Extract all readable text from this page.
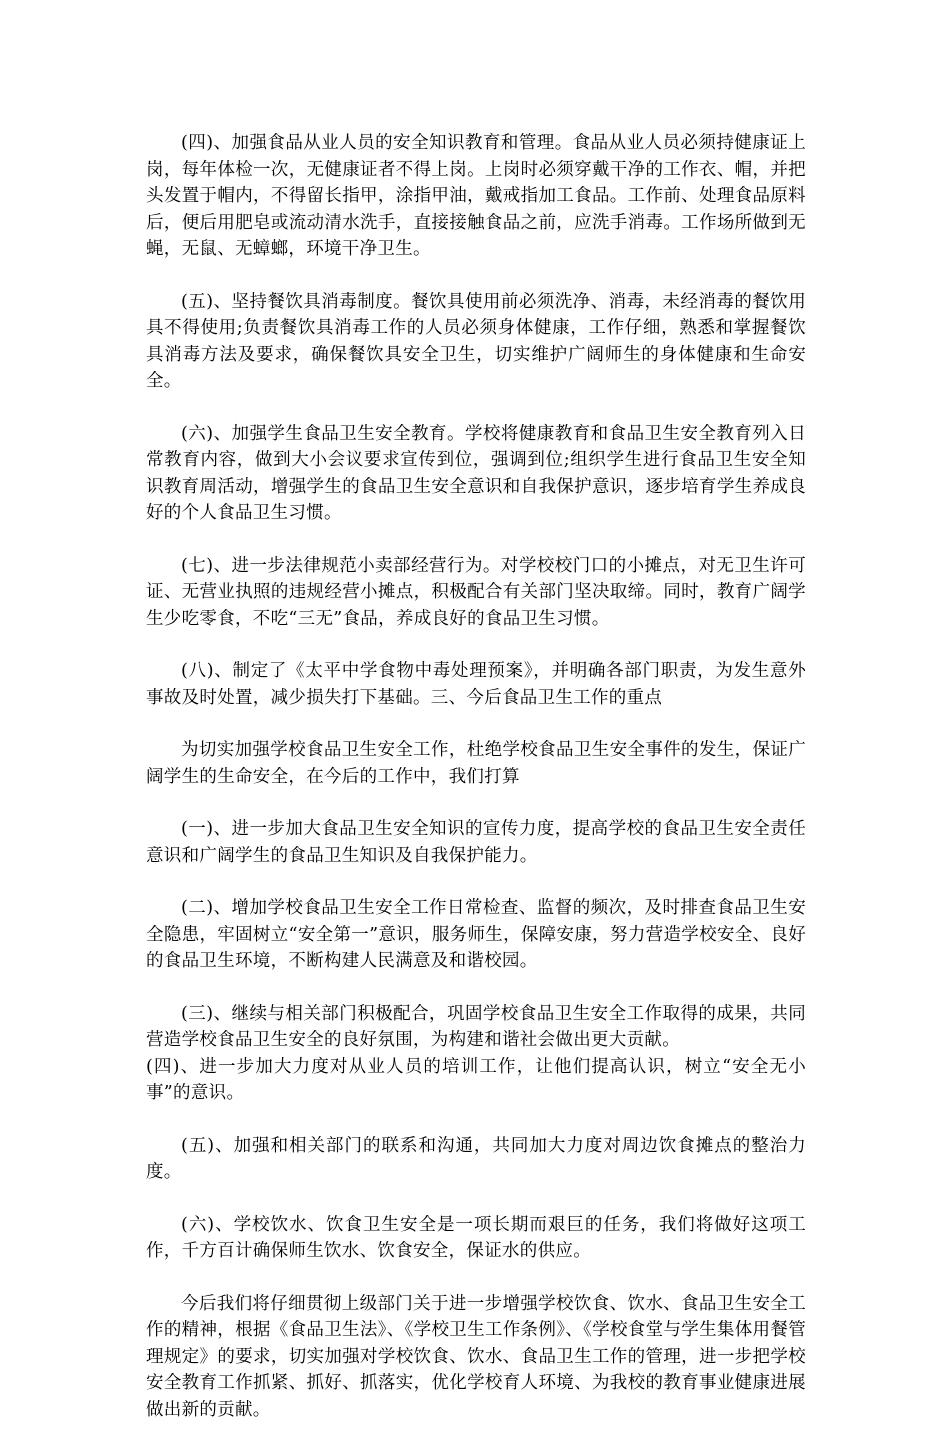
(四)、加强食品从业人员的安全知识教育和管理。食品从业人员必须持健康证上岗，每年体检一次，无健康证者不得上岗。上岗时必须穿戴干净的工作衣、帽，并把头发置于帽内，不得留长指甲，涂指甲油，戴戒指加工食品。工作前、处理食品原料后，便后用肥皂或流动清水洗手，直接接触食品之前，应洗手消毒。工作场所做到无蝇，无鼠、无蟑螂，环境干净卫生。

(五)、坚持餐饮具消毒制度。餐饮具使用前必须洗净、消毒，未经消毒的餐饮用具不得使用;负责餐饮具消毒工作的人员必须身体健康，工作仔细，熟悉和掌握餐饮具消毒方法及要求，确保餐饮具安全卫生，切实维护广阔师生的身体健康和生命安全。

(六)、加强学生食品卫生安全教育。学校将健康教育和食品卫生安全教育列入日常教育内容，做到大小会议要求宣传到位，强调到位;组织学生进行食品卫生安全知识教育周活动，增强学生的食品卫生安全意识和自我保护意识，逐步培育学生养成良好的个人食品卫生习惯。

(七)、进一步法律规范小卖部经营行为。对学校校门口的小摊点，对无卫生许可证、无营业执照的违规经营小摊点，积极配合有关部门坚决取缔。同时，教育广阔学生少吃零食，不吃“三无”食品，养成良好的食品卫生习惯。

(八)、制定了《太平中学食物中毒处理预案》，并明确各部门职责，为发生意外事故及时处置，减少损失打下基础。三、今后食品卫生工作的重点

为切实加强学校食品卫生安全工作，杜绝学校食品卫生安全事件的发生，保证广阔学生的生命安全，在今后的工作中，我们打算

(一)、进一步加大食品卫生安全知识的宣传力度，提高学校的食品卫生安全责任意识和广阔学生的食品卫生知识及自我保护能力。

(二)、增加学校食品卫生安全工作日常检查、监督的频次，及时排查食品卫生安全隐患，牢固树立“安全第一”意识，服务师生，保障安康，努力营造学校安全、良好的食品卫生环境，不断构建人民满意及和谐校园。

(三)、继续与相关部门积极配合，巩固学校食品卫生安全工作取得的成果，共同营造学校食品卫生安全的良好氛围，为构建和谐社会做出更大贡献。

(四)、进一步加大力度对从业人员的培训工作，让他们提高认识，树立“安全无小事”的意识。

(五)、加强和相关部门的联系和沟通，共同加大力度对周边饮食摊点的整治力度。

(六)、学校饮水、饮食卫生安全是一项长期而艰巨的任务，我们将做好这项工作，千方百计确保师生饮水、饮食安全，保证水的供应。

今后我们将仔细贯彻上级部门关于进一步增强学校饮食、饮水、食品卫生安全工作的精神，根据《食品卫生法》、《学校卫生工作条例》、《学校食堂与学生集体用餐管理规定》的要求，切实加强对学校饮食、饮水、食品卫生工作的管理，进一步把学校安全教育工作抓紧、抓好、抓落实，优化学校育人环境、为我校的教育事业健康进展做出新的贡献。
